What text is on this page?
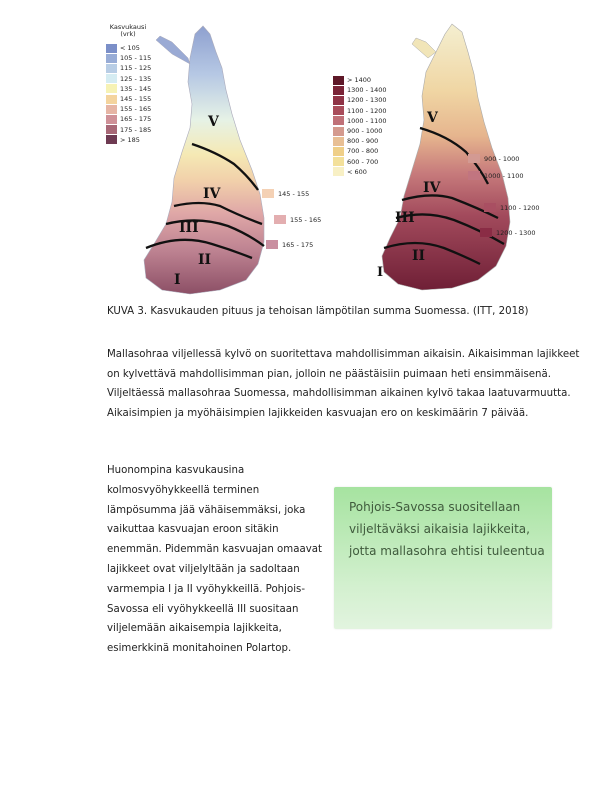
V
IV
III
II
I
V
IV
III
II
I
Kasvukausi (vrk)
< 105
105 - 115
115 - 125
125 - 135
135 - 145
145 - 155
155 - 165
165 - 175
175 - 185
> 185
145 - 155
155 - 165
165 - 175
> 1400
1300 - 1400
1200 - 1300
1100 - 1200
1000 - 1100
900 - 1000
800 - 900
700 - 800
600 - 700
< 600
900 - 1000
1000 - 1100
1100 - 1200
1200 - 1300
KUVA 3. Kasvukauden pituus ja tehoisan lämpötilan summa Suomessa. (ITT, 2018)

Mallasohraa viljellessä kylvö on suoritettava mahdollisimman aikaisin. Aikaisimman lajikkeet

on kylvettävä mahdollisimman pian, jolloin ne päästäisiin puimaan heti ensimmäisenä.

Viljeltäessä mallasohraa Suomessa, mahdollisimman aikainen kylvö takaa laatuvarmuutta.

Aikaisimpien ja myöhäisimpien lajikkeiden kasvuajan ero on keskimäärin 7 päivää.

Huonompina kasvukausina

kolmosvyöhykkeellä terminen

lämpösumma jää vähäisemmäksi, joka

vaikuttaa kasvuajan eroon sitäkin

enemmän. Pidemmän kasvuajan omaavat

lajikkeet ovat viljelyltään ja sadoltaan

varmempia I ja II vyöhykkeillä. Pohjois-

Savossa eli vyöhykkeellä III suositaan

viljelemään aikaisempia lajikkeita,

esimerkkinä monitahoinen Polartop.

Pohjois-Savossa suositellaan

viljeltäväksi aikaisia lajikkeita,

jotta mallasohra ehtisi tuleentua
